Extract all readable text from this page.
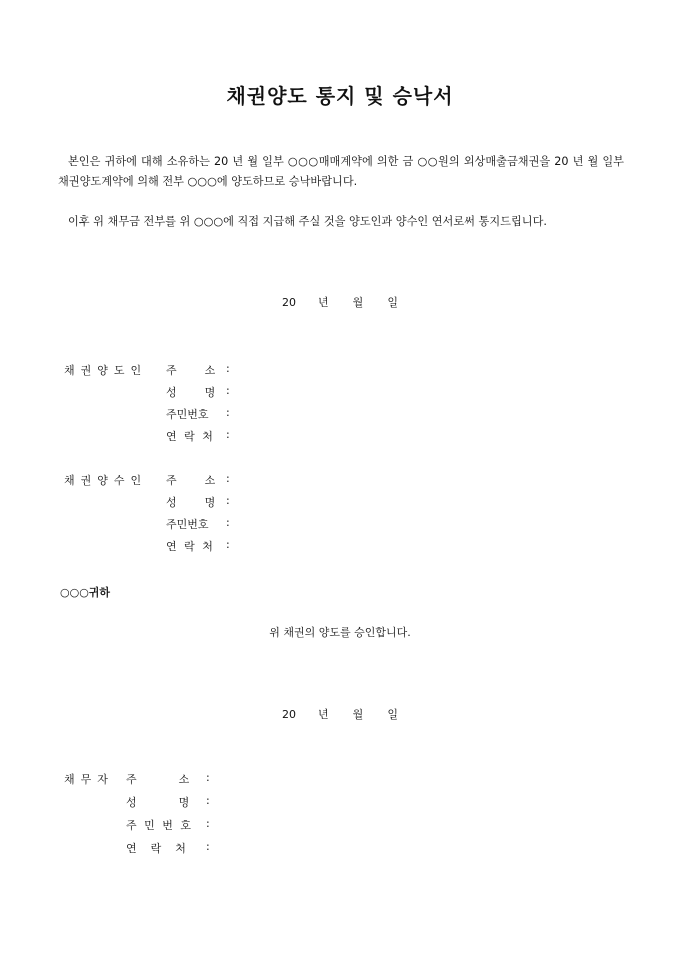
채권양도 통지 및 승낙서
본인은 귀하에 대해 소유하는 20 년 월 일부 ○○○매매계약에 의한 금 ○○원의 외상매출금채권을 20 년 월 일부 채권양도계약에 의해 전부 ○○○에 양도하므로 승낙바랍니다.
이후 위 채무금 전부를 위 ○○○에 직접 지급해 주실 것을 양도인과 양수인 연서로써 통지드립니다.
20 년 월 일
채권양도인 주        소
성        명
주민번호
연 락 처
:
:
:
:
채권양수인 주        소
성        명
주민번호
연 락 처
:
:
:
:
○○○귀하
위 채권의 양도를 승인합니다.
20 년 월 일
채무자 주            소
성            명
주 민 번 호
연    락    처
:
:
:
:
